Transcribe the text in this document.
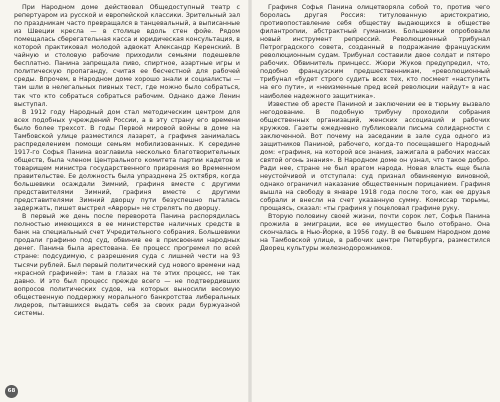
При Народном доме действовал Общедоступный театр с репертуаром из русской и европейской классики. Зрительный зал по праздникам часто превращался в танцевальный, а выписанные из Швеции кресла — в столице вдоль стен фойе. Рядом помещалась сберегательная касса и юридическая консультация, в которой практиковал молодой адвокат Александр Керенский. В чайную и столовую рабочие приходили семьями подешевле бесплатно. Панина запрещала пиво, спиртное, азартные игры и политическую пропаганду, считая ее бесчестной для рабочей среды. Впрочем, в Народном доме хорошо знали и социалисты — там шли в нелегальных пивных тест, где можно было собраться, так что кто собраться собраться рабочим. Однако даже Ленин выступал.

В 1912 году Народный дом стал методическим центром для всех подобных учреждений России, а в эту страну его времени было более трехсот. В годы Первой мировой войны в доме на Тамбовской улице разместился лазарет, а графиня занималась распределением помощи семьям мобилизованных. К середине 1917-го Софья Панина возглавила несколько благотворительных обществ, была членом Центрального комитета партии кадетов и товарищем министра государственного призрения во Временном правительстве. Ее должность была упразднена 25 октября, когда большевики осаждали Зимний, графиня вместе с другими представителями Зимний, графиня вместе с другими представителями Зимний дворцу пути безуспешно пыталась задержать, пишет выстрел «Авроры» не стрелять по дворцу.

В первый же день после переворота Панина распорядилась полностью имеющихся в ее министерстве наличных средств в банк на специальный счет Учредительного собрания. Большевики продали графиню под суд, обвинив ее в присвоении народных денег. Панина была арестована. Ее процесс прогремел по всей стране: подсудимую, с разрешения суда с лишней чести на 93 тысячи рублей. Был первый политический суд нового времени над «красной графиней»: там в глазах на те этих процесс, не так давно. И это был процесс прежде всего — не подтвердивших вопросов политических судов, на которых выносили весомую общественную поддержку морального банкротства либеральных лидеров, пытавшихся выдать себя за своих ради буржуазной системы.

68

Графиня Софья Панина олицетворяла собой то, против чего боролась другая Россия: титулованную аристократию, противопоставление себя обществу выдающихся в обществе филантропии, абстрактный гуманизм. Большевики опробовали новый инструмент репрессий. Революционный трибунал Петроградского совета, созданный в подражание французским революционным судам. Трибунал составили двое солдат и пятеро рабочих. Обвинитель принцесс. Жюри Жуков предупредил, что, подобно французским предшественникам, «революционный трибунал «будет строго судить всех тех, кто посмеет «наступить на его пути», и «неизменные пред всей революции найдут» в нас наиболее надежного защитника».

Известие об аресте Паниной и заключении ее в тюрьму вызвало негодование. В подобную трибуну проходили собрания общественных организаций, женских ассоциаций и рабочих кружков. Газеты ежедневно публиковали письма солидарности с заключенной. Вот почему на заседании в зале суда одного из защитников Паниной, рабочего, когда-то посещавшего Народный дом: «графиня, на которой все знания, зажигала в рабочих массах святой огонь знания». В Народном доме он узнал, что такое добро. Ради нее, стране не был врагом народа. Новая власть еще была неустойчивой и отступала: суд признал обвиняемую виновной, однако ограничил наказание общественным порицанием. Графиня вышла на свободу в январе 1918 года после того, как ее друзья собрали и внесли на счет указанную сумму. Комиссар тюрьмы, прощаясь, сказал: «ты графиня у поцеловал графине руку.

Вторую половину своей жизни, почти сорок лет, Софья Панина прожила в эмиграции, все ее имущество было отобрано. Она скончалась в Нью-Йорке, в 1956 году. В ее бывшем Народном доме на Тамбовской улице, в рабочих центре Петербурга, разместился Дворец культуры железнодорожников.
